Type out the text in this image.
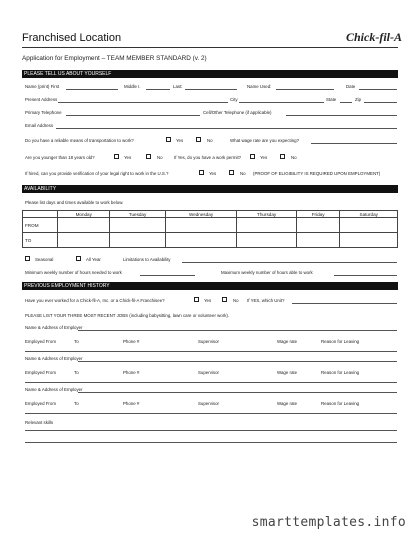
Franchised Location	Chick-fil-A
Application for Employment – TEAM MEMBER STANDARD (v. 2)
PLEASE TELL US ABOUT YOURSELF
Name (print) First	Middle I.	Last:	Name Used:	Date
Present Address	City	State	Zip
Primary Telephone	Cell/Other Telephone (if applicable)
Email Address
Do you have a reliable means of transportation to work?	Yes	No	What wage rate are you expecting?
Are you younger than 18 years old?	Yes	No	If Yes, do you have a work permit?	Yes	No
If hired, can you provide verification of your legal right to work in the U.S.?	Yes	No (PROOF OF ELIGIBILITY IS REQUIRED UPON EMPLOYMENT)
AVAILABILITY
Please list days and times available to work below.
	Monday	Tuesday	Wednesday	Thursday	Friday	Saturday
FROM						
TO						
Seasonal	All Year	Limitations to Availability
Minimum weekly number of hours needed to work	Maximum weekly number of hours able to work
PREVIOUS EMPLOYMENT HISTORY
Have you ever worked for a Chick-fil-A, Inc. or a Chick-fil-A Franchisee?	Yes	No If YES, which Unit?
PLEASE LIST YOUR THREE MOST RECENT JOBS (including babysitting, lawn care or volunteer work).
Name & Address of Employer
Employed From	To	Phone #	Supervisor	Wage rate	Reason for Leaving
Name & Address of Employer
Employed From	To	Phone #	Supervisor	Wage rate	Reason for Leaving
Name & Address of Employer
Employed From	To	Phone #	Supervisor	Wage rate	Reason for Leaving
Relevant skills
smarttemplates.info
